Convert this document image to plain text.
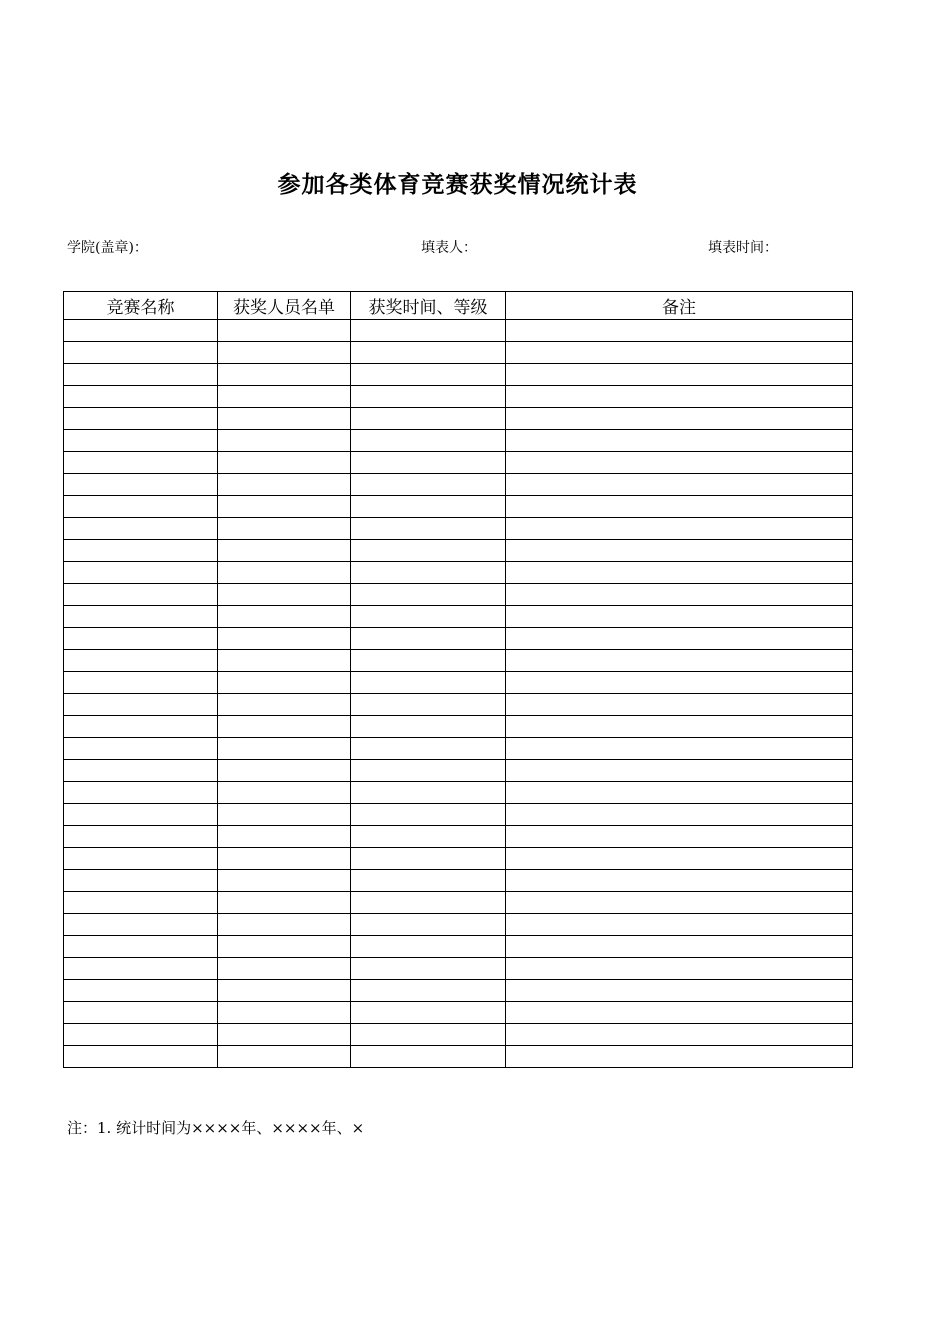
参加各类体育竞赛获奖情况统计表
学院(盖章)：	填表人：	填表时间：
竞赛名称	获奖人员名单	获奖时间、等级	备注

注：1. 统计时间为××××年、××××年、×
